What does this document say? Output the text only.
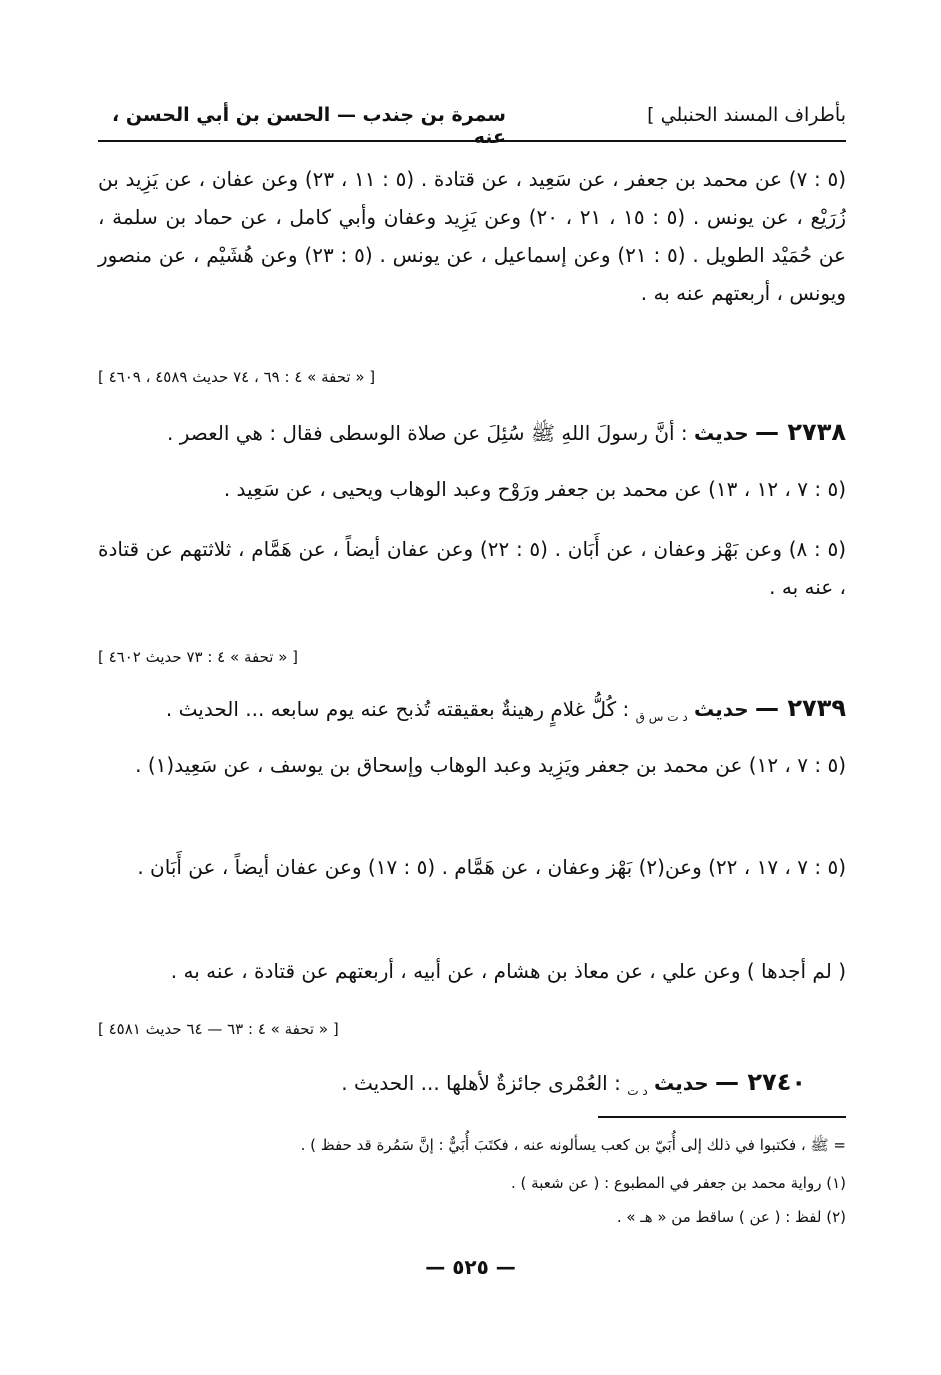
بأطراف المسند الحنبلي ]
سمرة بن جندب — الحسن بن أبي الحسن ، عنه
(٥ : ٧) عن محمد بن جعفر ، عن سَعِيد ، عن قتادة . (٥ : ١١ ، ٢٣) وعن عفان ، عن يَزِيد بن زُرَيْع ، عن يونس . (٥ : ١٥ ، ٢١ ، ٢٠) وعن يَزِيد وعفان وأبي كامل ، عن حماد بن سلمة ، عن حُمَيْد الطويل . (٥ : ٢١) وعن إسماعيل ، عن يونس . (٥ : ٢٣) وعن هُشَيْم ، عن منصور ويونس ، أربعتهم عنه به .
[ « تحفة » ٤ : ٦٩ ، ٧٤ حديث ٤٥٨٩ ، ٤٦٠٩ ]
٢٧٣٨ — حديث : أنَّ رسولَ اللهِ ﷺ سُئِلَ عن صلاة الوسطى فقال : هي العصر .
(٥ : ٧ ، ١٢ ، ١٣) عن محمد بن جعفر ورَوْح وعبد الوهاب ويحيى ، عن سَعِيد .
(٥ : ٨) وعن بَهْز وعفان ، عن أَبَان . (٥ : ٢٢) وعن عفان أيضاً ، عن هَمَّام ، ثلاثتهم عن قتادة ، عنه به .
[ « تحفة » ٤ : ٧٣ حديث ٤٦٠٢ ]
٢٧٣٩ — حديث $_{د ت س ق}$ : كُلُّ غلامٍ رهينةٌ بعقيقته تُذبح عنه يوم سابعه ... الحديث .
(٥ : ٧ ، ١٢) عن محمد بن جعفر ويَزِيد وعبد الوهاب وإسحاق بن يوسف ، عن سَعِيد(١) .
(٥ : ٧ ، ١٧ ، ٢٢) وعن(٢) بَهْز وعفان ، عن هَمَّام . (٥ : ١٧) وعن عفان أيضاً ، عن أَبَان .
( لم أجدها ) وعن علي ، عن معاذ بن هشام ، عن أبيه ، أربعتهم عن قتادة ، عنه به .
[ « تحفة » ٤ : ٦٣ — ٦٤ حديث ٤٥٨١ ]
٢٧٤٠ — حديث $_{د ت}$ : العُمْرى جائزةٌ لأهلها ... الحديث .
= ﷺ ، فكتبوا في ذلك إلى أُبَيّ بن كعب يسألونه عنه ، فكتَبَ أُبَيٌّ : إنَّ سَمُرة قد حفظ ) .
(١) رواية محمد بن جعفر في المطبوع : ( عن شعبة ) .
(٢) لفظ : ( عن ) ساقط من « هـ » .
— ٥٢٥ —
